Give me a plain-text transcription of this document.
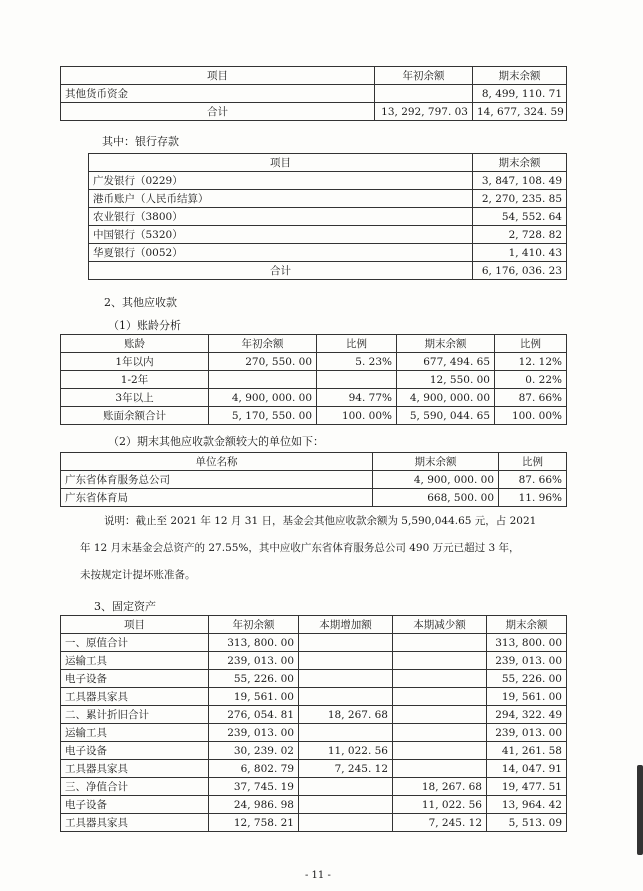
项目	年初余额	期末余额
其他货币资金		8, 499, 110. 71
合计	13, 292, 797. 03	14, 677, 324. 59
其中：银行存款
项目	期末余额
广发银行（0229）	3, 847, 108. 49
港币账户（人民币结算）	2, 270, 235. 85
农业银行（3800）	54, 552. 64
中国银行（5320）	2, 728. 82
华夏银行（0052）	1, 410. 43
合计	6, 176, 036. 23
2、其他应收款
（1）账龄分析
账龄	年初余额	比例	期末余额	比例
1年以内	270, 550. 00	5. 23%	677, 494. 65	12. 12%
1-2年			12, 550. 00	0. 22%
3年以上	4, 900, 000. 00	94. 77%	4, 900, 000. 00	87. 66%
账面余额合计	5, 170, 550. 00	100. 00%	5, 590, 044. 65	100. 00%
（2）期末其他应收款金额较大的单位如下：
单位名称	期末余额	比例
广东省体育服务总公司	4, 900, 000. 00	87. 66%
广东省体育局	668, 500. 00	11. 96%
说明：截止至 2021 年 12 月 31 日，基金会其他应收款余额为 5,590,044.65 元，占 2021
年 12 月末基金会总资产的 27.55%，其中应收广东省体育服务总公司 490 万元已超过 3 年，
未按规定计提坏账准备。
3、固定资产
项目	年初余额	本期增加额	本期减少额	期末余额
一、原值合计	313, 800. 00			313, 800. 00
运输工具	239, 013. 00			239, 013. 00
电子设备	55, 226. 00			55, 226. 00
工具器具家具	19, 561. 00			19, 561. 00
二、累计折旧合计	276, 054. 81	18, 267. 68		294, 322. 49
运输工具	239, 013. 00			239, 013. 00
电子设备	30, 239. 02	11, 022. 56		41, 261. 58
工具器具家具	6, 802. 79	7, 245. 12		14, 047. 91
三、净值合计	37, 745. 19		18, 267. 68	19, 477. 51
电子设备	24, 986. 98		11, 022. 56	13, 964. 42
工具器具家具	12, 758. 21		7, 245. 12	5, 513. 09
- 11 -
